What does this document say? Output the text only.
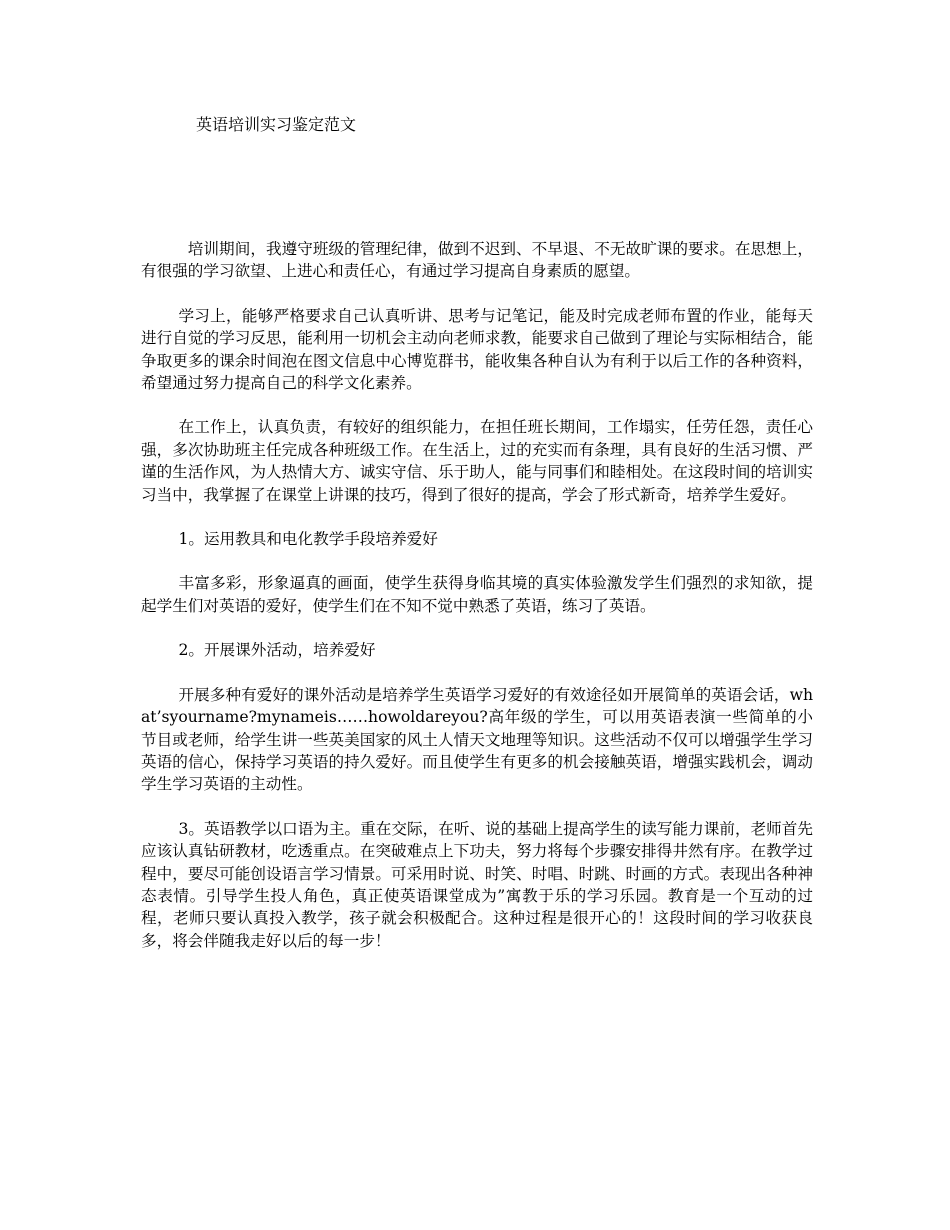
英语培训实习鉴定范文

培训期间，我遵守班级的管理纪律，做到不迟到、不早退、不无故旷课的要求。在思想上，有很强的学习欲望、上进心和责任心，有通过学习提高自身素质的愿望。

学习上，能够严格要求自己认真听讲、思考与记笔记，能及时完成老师布置的作业，能每天进行自觉的学习反思，能利用一切机会主动向老师求教，能要求自己做到了理论与实际相结合，能争取更多的课余时间泡在图文信息中心博览群书，能收集各种自认为有利于以后工作的各种资料，希望通过努力提高自己的科学文化素养。

在工作上，认真负责，有较好的组织能力，在担任班长期间，工作塌实，任劳任怨，责任心强，多次协助班主任完成各种班级工作。在生活上，过的充实而有条理，具有良好的生活习惯、严谨的生活作风，为人热情大方、诚实守信、乐于助人，能与同事们和睦相处。在这段时间的培训实习当中，我掌握了在课堂上讲课的技巧，得到了很好的提高，学会了形式新奇，培养学生爱好。

1。运用教具和电化教学手段培养爱好

丰富多彩，形象逼真的画面，使学生获得身临其境的真实体验激发学生们强烈的求知欲，提起学生们对英语的爱好，使学生们在不知不觉中熟悉了英语，练习了英语。

2。开展课外活动，培养爱好

开展多种有爱好的课外活动是培养学生英语学习爱好的有效途径如开展简单的英语会话，what’syourname?mynameis……howoldareyou?高年级的学生，可以用英语表演一些简单的小节目或老师，给学生讲一些英美国家的风土人情天文地理等知识。这些活动不仅可以增强学生学习英语的信心，保持学习英语的持久爱好。而且使学生有更多的机会接触英语，增强实践机会，调动学生学习英语的主动性。

3。英语教学以口语为主。重在交际，在听、说的基础上提高学生的读写能力课前，老师首先应该认真钻研教材，吃透重点。在突破难点上下功夫，努力将每个步骤安排得井然有序。在教学过程中，要尽可能创设语言学习情景。可采用时说、时笑、时唱、时跳、时画的方式。表现出各种神态表情。引导学生投人角色，真正使英语课堂成为”寓教于乐的学习乐园。教育是一个互动的过程，老师只要认真投入教学，孩子就会积极配合。这种过程是很开心的！这段时间的学习收获良多，将会伴随我走好以后的每一步！
